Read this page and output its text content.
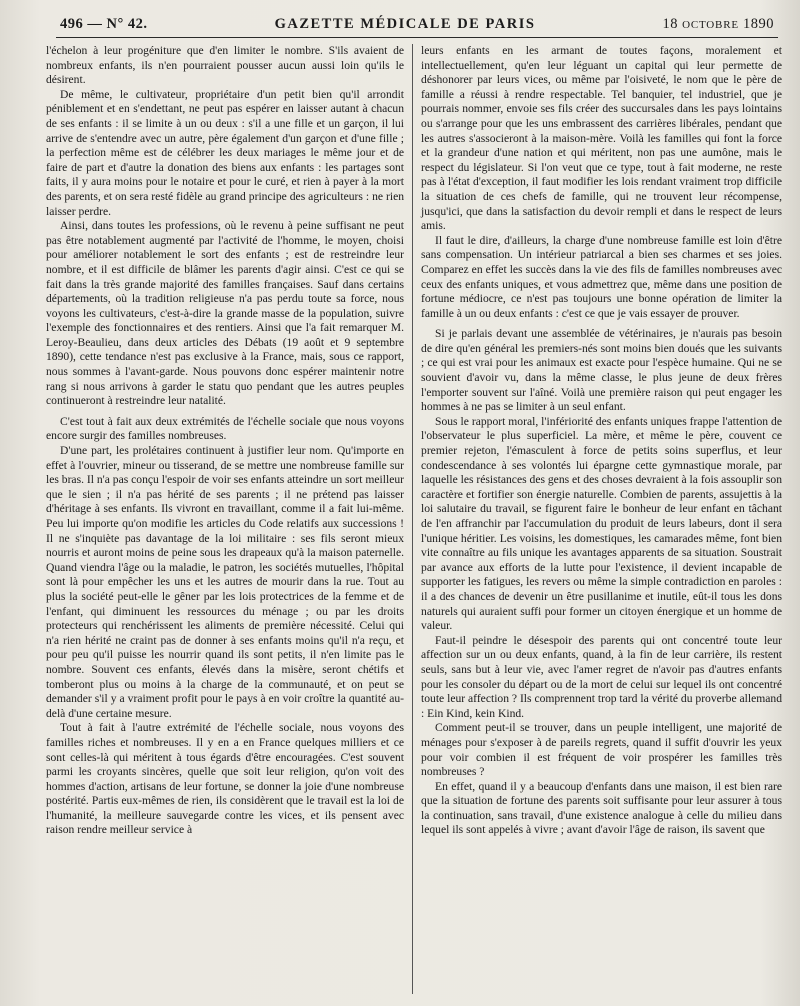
496 — N° 42.	GAZETTE MÉDICALE DE PARIS	18 OCTOBRE 1890

l'échelon à leur progéniture que d'en limiter le nombre. S'ils avaient de nombreux enfants, ils n'en pourraient pousser aucun aussi loin qu'ils le désirent.

De même, le cultivateur, propriétaire d'un petit bien qu'il arrondit péniblement et en s'endettant, ne peut pas espérer en laisser autant à chacun de ses enfants : il se limite à un ou deux : s'il a une fille et un garçon, il lui arrive de s'entendre avec un autre, père également d'un garçon et d'une fille ; la perfection même est de célébrer les deux mariages le même jour et de faire de part et d'autre la donation des biens aux enfants : les partages sont faits, il y aura moins pour le notaire et pour le curé, et rien à payer à la mort des parents, et on sera resté fidèle au grand principe des agriculteurs : ne rien laisser perdre.

Ainsi, dans toutes les professions, où le revenu à peine suffisant ne peut pas être notablement augmenté par l'activité de l'homme, le moyen, choisi pour améliorer notablement le sort des enfants ; est de restreindre leur nombre, et il est difficile de blâmer les parents d'agir ainsi. C'est ce qui se fait dans la très grande majorité des familles françaises. Sauf dans certains départements, où la tradition religieuse n'a pas perdu toute sa force, nous voyons les cultivateurs, c'est-à-dire la grande masse de la population, suivre l'exemple des fonctionnaires et des rentiers. Ainsi que l'a fait remarquer M. Leroy-Beaulieu, dans deux articles des Débats (19 août et 9 septembre 1890), cette tendance n'est pas exclusive à la France, mais, sous ce rapport, nous sommes à l'avant-garde. Nous pouvons donc espérer maintenir notre rang si nous arrivons à garder le statu quo pendant que les autres peuples continueront à restreindre leur natalité.

C'est tout à fait aux deux extrémités de l'échelle sociale que nous voyons encore surgir des familles nombreuses.

D'une part, les prolétaires continuent à justifier leur nom. Qu'importe en effet à l'ouvrier, mineur ou tisserand, de se mettre une nombreuse famille sur les bras. Il n'a pas conçu l'espoir de voir ses enfants atteindre un sort meilleur que le sien ; il n'a pas hérité de ses parents ; il ne prétend pas laisser d'héritage à ses enfants. Ils vivront en travaillant, comme il a fait lui-même. Peu lui importe qu'on modifie les articles du Code relatifs aux successions ! Il ne s'inquiète pas davantage de la loi militaire : ses fils seront mieux nourris et auront moins de peine sous les drapeaux qu'à la maison paternelle. Quand viendra l'âge ou la maladie, le patron, les sociétés mutuelles, l'hôpital sont là pour empêcher les uns et les autres de mourir dans la rue. Tout au plus la société peut-elle le gêner par les lois protectrices de la femme et de l'enfant, qui diminuent les ressources du ménage ; ou par les droits protecteurs qui renchérissent les aliments de première nécessité. Celui qui n'a rien hérité ne craint pas de donner à ses enfants moins qu'il n'a reçu, et pour peu qu'il puisse les nourrir quand ils sont petits, il n'en limite pas le nombre. Souvent ces enfants, élevés dans la misère, seront chétifs et tomberont plus ou moins à la charge de la communauté, et on peut se demander s'il y a vraiment profit pour le pays à en voir croître la quantité au-delà d'une certaine mesure.

Tout à fait à l'autre extrémité de l'échelle sociale, nous voyons des familles riches et nombreuses. Il y en a en France quelques milliers et ce sont celles-là qui méritent à tous égards d'être encouragées. C'est souvent parmi les croyants sincères, quelle que soit leur religion, qu'on voit des hommes d'action, artisans de leur fortune, se donner la joie d'une nombreuse postérité. Partis eux-mêmes de rien, ils considèrent que le travail est la loi de l'humanité, la meilleure sauvegarde contre les vices, et ils pensent avec raison rendre meilleur service à

leurs enfants en les armant de toutes façons, moralement et intellectuellement, qu'en leur léguant un capital qui leur permette de déshonorer par leurs vices, ou même par l'oisiveté, le nom que le père de famille a réussi à rendre respectable. Tel banquier, tel industriel, que je pourrais nommer, envoie ses fils créer des succursales dans les pays lointains ou s'arrange pour que les uns embrassent des carrières libérales, pendant que les autres s'associeront à la maison-mère. Voilà les familles qui font la force et la grandeur d'une nation et qui méritent, non pas une aumône, mais le respect du législateur. Si l'on veut que ce type, tout à fait moderne, ne reste pas à l'état d'exception, il faut modifier les lois rendant vraiment trop difficile la situation de ces chefs de famille, qui ne trouvent leur récompense, jusqu'ici, que dans la satisfaction du devoir rempli et dans le respect de leurs amis.

Il faut le dire, d'ailleurs, la charge d'une nombreuse famille est loin d'être sans compensation. Un intérieur patriarcal a bien ses charmes et ses joies. Comparez en effet les succès dans la vie des fils de familles nombreuses avec ceux des enfants uniques, et vous admettrez que, même dans une position de fortune médiocre, ce n'est pas toujours une bonne opération de limiter la famille à un ou deux enfants : c'est ce que je vais essayer de prouver.

Si je parlais devant une assemblée de vétérinaires, je n'aurais pas besoin de dire qu'en général les premiers-nés sont moins bien doués que les suivants ; ce qui est vrai pour les animaux est exacte pour l'espèce humaine. Qui ne se souvient d'avoir vu, dans la même classe, le plus jeune de deux frères l'emporter souvent sur l'aîné. Voilà une première raison qui peut engager les hommes à ne pas se limiter à un seul enfant.

Sous le rapport moral, l'infériorité des enfants uniques frappe l'attention de l'observateur le plus superficiel. La mère, et même le père, couvent ce premier rejeton, l'émasculent à force de petits soins superflus, et leur condescendance à ses volontés lui épargne cette gymnastique morale, par laquelle les résistances des gens et des choses devraient à la fois assouplir son caractère et fortifier son énergie naturelle. Combien de parents, assujettis à la loi salutaire du travail, se figurent faire le bonheur de leur enfant en tâchant de l'en affranchir par l'accumulation du produit de leurs labeurs, dont il sera l'unique héritier. Les voisins, les domestiques, les camarades même, font bien vite connaître au fils unique les avantages apparents de sa situation. Soustrait par avance aux efforts de la lutte pour l'existence, il devient incapable de supporter les fatigues, les revers ou même la simple contradiction en paroles : il a des chances de devenir un être pusillanime et inutile, eût-il tous les dons naturels qui auraient suffi pour former un citoyen énergique et un homme de valeur.

Faut-il peindre le désespoir des parents qui ont concentré toute leur affection sur un ou deux enfants, quand, à la fin de leur carrière, ils restent seuls, sans but à leur vie, avec l'amer regret de n'avoir pas d'autres enfants pour les consoler du départ ou de la mort de celui sur lequel ils ont concentré toute leur affection ? Ils comprennent trop tard la vérité du proverbe allemand : Ein Kind, kein Kind.

Comment peut-il se trouver, dans un peuple intelligent, une majorité de ménages pour s'exposer à de pareils regrets, quand il suffit d'ouvrir les yeux pour voir combien il est fréquent de voir prospérer les familles très nombreuses ?

En effet, quand il y a beaucoup d'enfants dans une maison, il est bien rare que la situation de fortune des parents soit suffisante pour leur assurer à tous la continuation, sans travail, d'une existence analogue à celle du milieu dans lequel ils sont appelés à vivre ; avant d'avoir l'âge de raison, ils savent que
